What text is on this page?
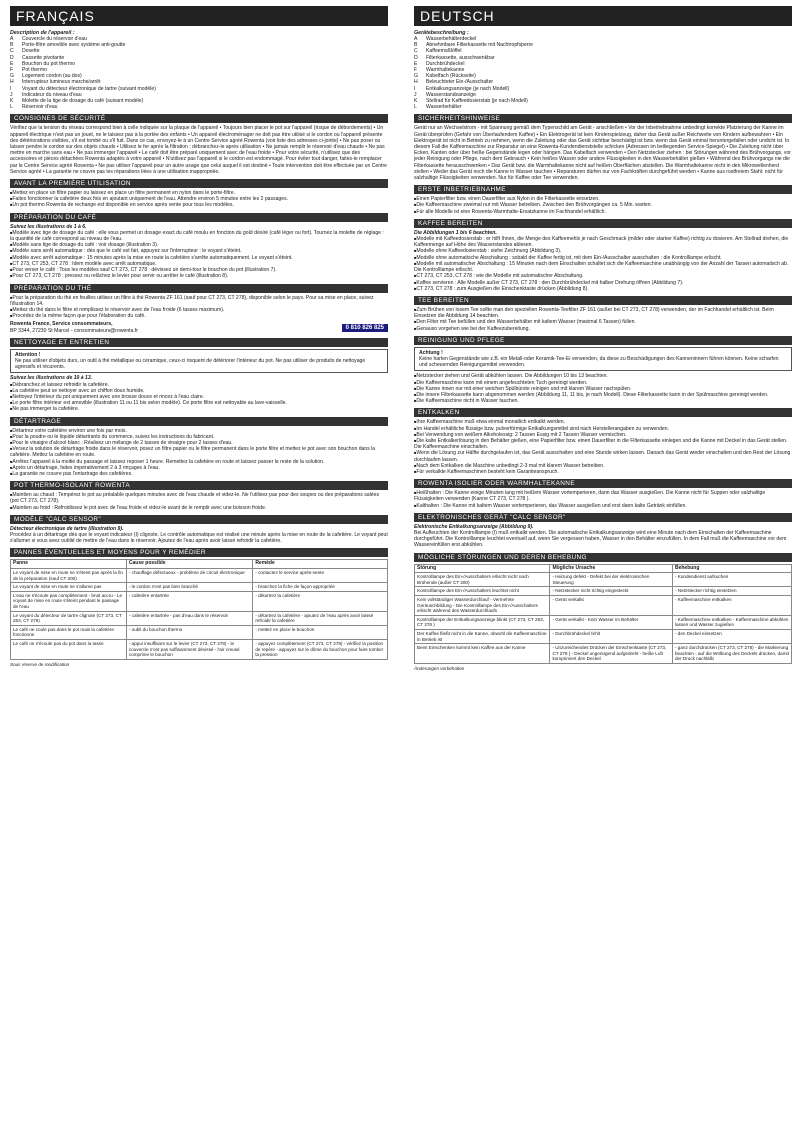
FRANÇAIS
Description de l'appareil :
A	Couvercle du réservoir d'eau
B	Porte-filtre amovible avec système anti-goutte
C	Dosette
D	Cassette pivotante
E	Bouchon du pot thermo
F	Pot thermo
G	Logement cordon (au dos)
H	Interrupteur lumineux marche/arrêt
I	Voyant du détecteur électronique de tartre (suivant modèle)
J	Indicateur du niveau d'eau
K	Molette de la tige de dosage du café (suivant modèle)
L	Réservoir d'eau
CONSIGNES DE SÉCURITÉ

Vérifiez que la tension du réseau correspond bien à celle indiquée sur la plaque de l'appareil • Toujours bien placer le pot sur l'appareil (risque de débordements) • Un appareil électrique n'est pas un jouet, ne le laissez pas à la portée des enfants • Un appareil électroménager ne doit pas être utilisé si le cordon ou l'appareil présente des détériorations visibles, s'il est tombé ou s'il fuit. Dans ce cas, envoyez-le à un Centre Service agréé Rowenta (voir liste des adresses ci-jointe) • Ne pas poser ou laisser pendre le cordon sur des objets chauds • Utilisez le fer après la filtration ; débranchez-le après utilisation • Ne jamais remplir le réservoir d'eau chaude • Ne pas mettre en marche sans eau • Ne pas immerger l'appareil • Le café doit être préparé uniquement avec de l'eau froide • Pour votre sécurité, n'utilisez que des accessoires et pièces détachées Rowenta adaptés à votre appareil • N'utilisez pas l'appareil si le cordon est endommagé. Pour éviter tout danger, faites-le remplacer par le Centre Service agréé Rowenta • Ne pas utiliser l'appareil pour un autre usage que celui auquel il est destiné • Toute intervention doit être effectuée par un Centre Service agréé • La garantie ne couvre pas les réparations liées à une utilisation inappropriée.

AVANT LA PREMIÈRE UTILISATION
■ Mettez en place un filtre papier ou laissez en place un filtre permanent en nylon dans le porte-filtre.
■ Faites fonctionner la cafetière deux fois en ajoutant uniquement de l'eau. Attendre environ 5 minutes entre les 2 passages.
■ Un pot thermo Rowenta de rechange est disponible en service après vente pour tous les modèles.
PRÉPARATION DU CAFÉ
Suivez les illustrations de 1 à 6.
■ Modèle avec tige de dosage du café : elle vous permet un dosage exact du café moulu en fonction du goût désiré (café léger ou fort). Tournez la molette de réglage : la quantité de café correspond au niveau de l'eau.
■ Modèle sans tige de dosage du café : voir dosage (illustration 3).
■ Modèle sans arrêt automatique : dès que le café est fait, appuyez sur l'interrupteur : le voyant s'éteint.
■ Modèle avec arrêt automatique : 15 minutes après la mise en route la cafetière s'arrête automatiquement. Le voyant s'éteint.
■ CT 273, CT 253, CT 278 : Idem modèle avec arrêt automatique.
■ Pour verser le café : Tous les modèles sauf CT 273, CT 278 : dévissez un demi-tour le bouchon du pot (illustration 7).
■ Pour CT 273, CT 278 : pressez ou relâchez le levier pour servir ou arrêter le café (illustration 8).
PRÉPARATION DU THÉ
■ Pour la préparation du thé en feuilles utilisez un filtre à thé Rowenta ZF 161 (sauf pour CT 273, CT 278), disponible selon le pays. Pour sa mise en place, suivez l'illustration 14.
■ Mettez du thé dans le filtre et remplissez le réservoir avec de l'eau froide (6 tasses maximum).
■ Procédez de la même façon que pour l'élaboration du café.
Rowenta France, Service consommateurs,
BP 3344, 27230 St Marcel - consommateurs@rowenta.fr	0 810 826 825
NETTOYAGE ET ENTRETIEN
Attention !
Ne pas utiliser d'objets durs, un outil à thé métallique ou céramique, ceux-ci risquent de détériorer l'intérieur du pot. Ne pas utiliser de produits de nettoyage agressifs et récurents.
Suivez les illustrations de 10 à 13.
■ Débranchez et laissez refroidir la cafetière.
■ La cafetière peut se nettoyer avec un chiffon doux humide.
■ Nettoyez l'intérieur du pot uniquement avec une brosse douce et rincez à l'eau claire.
■ Le porte filtre intérieur est amovible (illustration 11 ou 11 bis selon modèle). Ce porte filtre est nettoyable au lave-vaisselle.
■ Ne pas immerger la cafetière.
DÉTARTRAGE
■ Détartrez votre cafetière environ une fois par mois.
■ Pour la poudre ou le liquide détartrants du commerce, suivez les instructions du fabricant.
■ Pour le vinaigre d'alcool blanc : Réalisez un mélange de 2 tasses de vinaigre pour 2 tasses d'eau.
■ Versez la solution de détartrage froide dans le réservoir, posez un filtre papier ou le filtre permanent dans le porte filtre et mettez le pot avec son bouchon dans la cafetière. Mettez la cafetière en route.
■ Arrêtez l'appareil à la moitié du passage et laissez reposer 1 heure. Remettez la cafetière en route et laissez passer le reste de la solution.
■ Après un détartrage, faites impérativement 2 à 3 rinçages à l'eau.
■ La garantie ne couvre pas l'entartrage des cafetières.
POT THERMO-ISOLANT ROWENTA
■ Maintien au chaud : Tempérez le pot au préalable quelques minutes avec de l'eau chaude et videz-le. Ne l'utilisez pas pour des soupes ou des préparations salées (pot CT 273, CT 278).
■ Maintien au froid : Refroidissez le pot avec de l'eau froide et videz-le avant de le remplir avec une boisson froide.
MODÈLE "CALC SENSOR"
Détecteur électronique de tartre (illustration 9).

Procédez à un détartrage dès que le voyant indicateur (I) clignote. Le contrôle automatique est réalisé une minute après la mise en route de la cafetière. Le voyant peut s'allumer si vous avez oublié de mettre de l'eau dans le réservoir. Ajoutez de l'eau après avoir laissé refroidir la cafetière.

PANNES ÉVENTUELLES ET MOYENS POUR Y REMÉDIER
Panne	Cause possible	Remède
Le voyant de mise en route ne s'éteint pas après la fin de la préparation (sauf CT 200)	- chauffage défectueux - problème de circuit électronique	- contactez le service après-vente
Le voyant de mise en route ne s'allume pas	- le cordon n'est pas bien branché	- branchez la fiche de façon appropriée
L'eau ne s'écoule pas complètement - bruit accru - Le voyant de mise en route s'éteint pendant le passage de l'eau	- cafetière entartrée	- détartrez la cafetière
Le voyant du détecteur de tartre clignote (CT 273, CT 253, CT 278)	- cafetière entartrée - pas d'eau dans le réservoir	- détartrez la cafetière - ajoutez de l'eau après avoir laissé refroidir la cafetière
Le café ne coule pas dans le pot mais la cafetière fonctionne	- oubli du bouchon thermo	- mettez en place le bouchon
Le café ne s'écoule pas du pot dans la tasse	- appui insuffisant sur le levier (CT 273, CT 278) - le couvercle n'est pas suffisamment dévissé - l'air creusé comprime le bouchon	- appuyez complètement (CT 273, CT 278) - vérifiez la position de repère - appuyez sur le dôme du bouchon pour faire tomber la pression
Sous réserve de modification
DEUTSCH
Gerätebeschreibung :
A	Wasserbehälterdeckel
B	Abnehmbare Filterkassette mit Nachtropfsperre
C	Kaffeemaßlöffel
D	Filterkassette, ausschwenkbar
E	Durchbrühdeckel
F	Warmhaltekanne
G	Kabelfach (Rückseite)
H	Beleuchteter Ein-/Ausschalter
I	Entkalkungsanzeige (je nach Modell)
J	Wasserstandsanzeige
K	Stellrad für Kaffeedosierstab (je nach Modell)
L	Wasserbehälter
SICHERHEITSHINWEISE

Gerät nur an Wechselstrom - mit Spannung gemäß dem Typenschild am Gerät - anschließen • Vor der Inbetriebnahme unbedingt korrekte Platzierung der Kanne im Gerät überprüfen (Gefahr von Überlaufendem Kaffee) • Ein Elektrogerät ist kein Kinderspielzeug, daher das Gerät außer Reichweite von Kindern aufbewahren • Ein Elektrogerät ist nicht in Betrieb zu nehmen, wenn die Zuleitung oder das Gerät sichtbar beschädigt ist bzw. wenn das Gerät einmal heruntergefallen oder undicht ist. In diesem Fall die Kaffeemaschine zur Reparatur an eine Rowenta-Kundendienststelle schicken (Adressen im beiliegenden Service-Spiegel) • Die Zuleitung nicht über Ecken, Kanten oder über heiße Gegenstände legen oder hängen. Das Kabelfach verwenden • Den Netzstecker ziehen : bei Störungen während des Brühvorgangs, vor jeder Reinigung oder Pflege, nach dem Gebrauch • Kein heißes Wasser oder andere Flüssigkeiten in den Wasserbehälter gießen • Während des Brühvorgangs nie die Filterkassette herausschwenken • Das Gerät bzw. die Warmhaltekanne nicht auf heißen Oberflächen abstellen. Die Warmhaltekanne nicht in den Mikrowellenherd stellen • Weder das Gerät noch die Kanne in Wasser tauchen • Reparaturen dürfen nur von Fachkräften durchgeführt werden • Kanne aus rostfreiem Stahl: nicht für salzhaltige Flüssigkeiten verwenden. Nur für Kaffee oder Tee verwenden.

ERSTE INBETRIEBNAHME
■ Einen Papierfilter bzw. einen Dauerfilter aus Nylon in die Filterkassette einsetzen.
■ Die Kaffeemaschine zweimal nur mit Wasser betreiben. Zwischen den Brühvorgängen ca. 5 Min. warten.
■ Für alle Modelle ist eine Rowenta-Warmhalte-Ersatzkanne im Fachhandel erhältlich.
KAFFEE BEREITEN
Die Abbildungen 1 bis 6 beachten.
■ Modelle mit Kaffeedosierstab : er hilft Ihnen, die Menge des Kaffeemehls je nach Geschmack (milder oder starker Kaffee) richtig zu dosieren. Am Stellrad drehen, die Kaffeemenge auf Höhe des Wasserstandes ablesen.
■ Modelle ohne Kaffeedosierstab : siehe Zeichnung (Abbildung 3).
■ Modelle ohne automatische Abschaltung : sobald der Kaffee fertig ist, mit dem Ein-/Ausschalter ausschalten : die Kontrolllampe erlischt.
■ Modelle mit automatischer Abschaltung : 15 Minuten nach dem Einschalten schaltet sich die Kaffeemaschine unabhängig von der Anzahl der Tassen automatisch ab. Die Kontrolllampe erlischt.
■ CT 273, CT 253, CT 278 : wie die Modelle mit automatischer Abschaltung.
■ Kaffee servieren : Alle Modelle außer CT 273, CT 278 : den Durchbrühdeckel mit halber Drehung öffnen (Abbildung 7).
■ CT 273, CT 278 : zum Ausgießen die Einschenktaste drücken (Abbildung 8).
TEE BEREITEN
■ Zum Brühen von losem Tee sollte man den speziellen Rowenta-Teefilter ZF 161 (außer bei CT 273, CT 278) verwenden, der im Fachhandel erhältlich ist. Beim Einsetzen die Abbildung 14 beachten.
■ Den Filter mit Tee befüllen und den Wasserbehälter mit kaltem Wasser (maximal 6 Tassen) füllen.
■ Genauso vorgehen wie bei der Kaffeezubereitung.
REINIGUNG UND PFLEGE
Achtung !
Keine harten Gegenstände wie z.B. ein Metall-oder Keramik-Tee-Ei verwenden, da diese zu Beschädigungen des Kanneninnern führen können. Keine scharfen und scheuernden Reinigungsmittel verwenden.
■ Netzstecker ziehen und Gerät abkühlen lassen. Die Abbildungen 10 bis 13 beachten.
■ Die Kaffeemaschine kann mit einem angefeuchteten Tuch gereinigt werden.
■ Die Kanne innen nur mit einer weichen Spülbürste reinigen und mit klarem Wasser nachspülen.
■ Die innere Filterkassette kann abgenommen werden (Abbildung 11, 11 bis, je nach Modell). Diese Filterkassette kann in der Spülmaschine gereinigt werden.
■ Die Kaffeemaschine nicht in Wasser tauchen.
ENTKALKEN
■ Ihre Kaffeemaschine muß etwa einmal monatlich entkalkt werden.
■ Im Handel erhältliche flüssige bzw. pulverförmige Entkalkungsmittel sind nach Herstellerangaben zu verwenden.
■ Bei Verwendung von weißem Alkoholessig: 2 Tassen Essig mit 2 Tassen Wasser vermischen.
■ Die kalte Entkalkerlösung in den Behälter gießen, eine Papierfilter bzw. einen Dauerfilter in die Filterkassette einlegen und die Kanne mit Deckel in das Gerät stellen. Die Kaffeemaschine einschalten.
■ Wenn die Lösung zur Hälfte durchgelaufen ist, das Gerät ausschalten und eine Stunde wirken lassen. Danach das Gerät wieder einschalten und den Rest der Lösung durchlaufen lassen.
■ Nach dem Entkalken die Maschine unbedingt 2-3 mal mit klarem Wasser betreiben.
■ Für verkalkte Kaffeemaschinen besteht kein Garantieanspruch.
ROWENTA ISOLIER ODER WARMHALTEKANNE
■ Heißhalten : Die Kanne einige Minuten lang mit heißem Wasser vortemperieren, dann das Wasser ausgießen. Die Kanne nicht für Suppen oder salzhaltige Flüssigkeiten verwenden (Kanne CT 273, CT 278 ).
■ Kalthalten : Die Kanne mit kaltem Wasser vortemperieren, das Wasser ausgießen und erst dann kalte Getränk einfüllen.
ELEKTRONISCHES GERÄT "CALC SENSOR"
Elektronische Entkalkungsanzeige (Abbildung 9).

Bei Aufleuchten der Kontrolllampe (I) muß entkalkt werden. Die automatische Entkalkungsanzeige wird eine Minute nach dem Einschalten der Kaffeemaschine durchgeführt. Die Kontrolllampe leuchtet eventuell auf, wenn Sie vergessen haben, Wasser in den Behälter einzufüllen. In dem Fall muß die Kaffeemaschine vor dem Wassereinfüllen erst abkühlen.

MÖGLICHE STÖRUNGEN UND DEREN BEHEBUNG
Störung	Mögliche Ursache	Behebung
Kontrolllampe des Ein-/Ausschalters erlischt nicht nach Brühende (außer CT 200)	- Heizung defekt - Defekt bei der elektronischen Steuerung	- Kundendienst aufsuchen
Kontrolllampe des Ein-/Ausschalters leuchtet nicht	- Netzstecker nicht richtig eingesteckt	- Netzstecker richtig einsetzen
Kein vollständiger Wasserdurchlauf - Vermehrte Geräuschbildung - Die Kontrolllampe des Ein-/Ausschalters erlischt während des Wasserdurchlaufs	- Gerät verkalkt	- Kaffeemaschine entkalken
Kontrolllampe der Entkalkungsanzeige blinkt (CT 273, CT 253, CT 278 )	- Gerät verkalkt - Kein Wasser im Behälter	- Kaffeemaschine entkalken - Kaffeemaschine abkühlen lassen und Wasser zugießen
Der Kaffee fließt nicht in die Kanne, obwohl die Kaffeemaschine in Betrieb ist	- Durchbrühdeckel fehlt	- den Deckel einsetzen
Beim Einschenken kommt kein Kaffee aus der Kanne	- Unzureichendes Drücken der Einschenktaste (CT 273, CT 278 ) - Deckel ungenügend aufgedreht - heiße Luft komprimiert den Deckel	- ganz durchdrücken (CT 273, CT 278) - die Markierung beachten - auf die Wölbung des Deckels drücken, damit der Druck nachläßt
Änderungen vorbehalten
